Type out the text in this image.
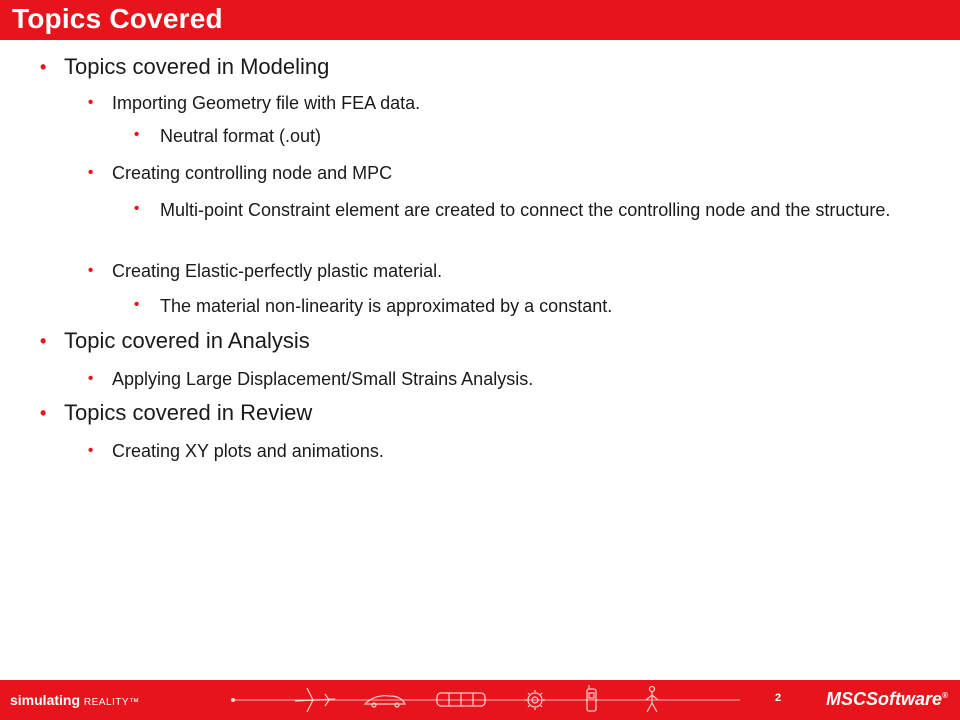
Topics Covered
• Topics covered in Modeling
•	Importing Geometry file with FEA data.
•	Neutral format (.out)
•	Creating controlling node and MPC
•	Multi-point Constraint element are created to connect the controlling node and the structure.
•	Creating Elastic-perfectly plastic material.
•	The material non-linearity is approximated by a constant.
• Topic covered in Analysis
•	Applying Large Displacement/Small Strains Analysis.
• Topics covered in Review
•	Creating XY plots and animations.
simulating REALITY™	2 MSCSoftware®
